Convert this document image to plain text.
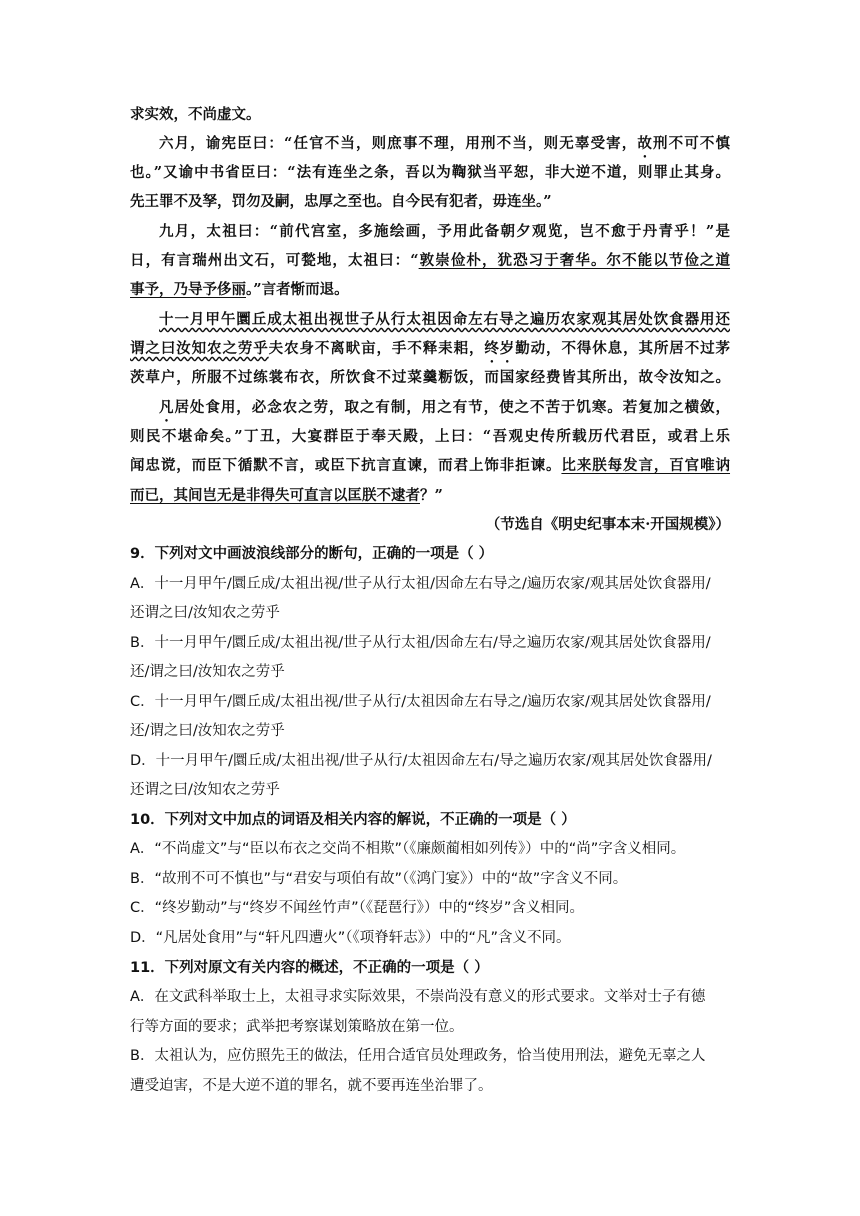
求实效，不尚虚文。
六月，谕宪臣曰：“任官不当，则庶事不理，用刑不当，则无辜受害，故刑不可不慎
也。”又谕中书省臣曰：“法有连坐之条，吾以为鞫狱当平恕，非大逆不道，则罪止其身。
先王罪不及孥，罚勿及嗣，忠厚之至也。自今民有犯者，毋连坐。”
九月，太祖曰：“前代宫室，多施绘画，予用此备朝夕观览，岂不愈于丹青乎！”是
日，有言瑞州出文石，可甃地，太祖曰：“敦崇俭朴，犹恐习于奢华。尔不能以节俭之道
事予，乃导予侈丽。”言者惭而退。
十一月甲午圜丘成太祖出视世子从行太祖因命左右导之遍历农家观其居处饮食器用还
谓之曰汝知农之劳乎夫农身不离畎亩，手不释耒耜，终岁勤动，不得休息，其所居不过茅
茨草户，所服不过练裳布衣，所饮食不过菜羹粝饭，而国家经费皆其所出，故令汝知之。
凡居处食用，必念农之劳，取之有制，用之有节，使之不苦于饥寒。若复加之横敛，
则民不堪命矣。”丁丑，大宴群臣于奉天殿，上曰：“吾观史传所载历代君臣，或君上乐
闻忠谠，而臣下循默不言，或臣下抗言直谏，而君上饰非拒谏。比来朕每发言，百官唯讷
而已，其间岂无是非得失可直言以匡朕不逮者？”
（节选自《明史纪事本末·开国规模》）
9．下列对文中画波浪线部分的断句，正确的一项是（ ）
A．十一月甲午/圜丘成/太祖出视/世子从行太祖/因命左右导之/遍历农家/观其居处饮食器用/
还谓之曰/汝知农之劳乎
B．十一月甲午/圜丘成/太祖出视/世子从行太祖/因命左右/导之遍历农家/观其居处饮食器用/
还/谓之曰/汝知农之劳乎
C．十一月甲午/圜丘成/太祖出视/世子从行/太祖因命左右导之/遍历农家/观其居处饮食器用/
还/谓之曰/汝知农之劳乎
D．十一月甲午/圜丘成/太祖出视/世子从行/太祖因命左右/导之遍历农家/观其居处饮食器用/
还谓之曰/汝知农之劳乎
10．下列对文中加点的词语及相关内容的解说，不正确的一项是（ ）
A．“不尚虚文”与“臣以布衣之交尚不相欺”（《廉颇蔺相如列传》）中的“尚”字含义相同。
B．“故刑不可不慎也”与“君安与项伯有故”（《鸿门宴》）中的“故”字含义不同。
C．“终岁勤动”与“终岁不闻丝竹声”（《琵琶行》）中的“终岁”含义相同。
D．“凡居处食用”与“轩凡四遭火”（《项脊轩志》）中的“凡”含义不同。
11．下列对原文有关内容的概述，不正确的一项是（ ）
A．在文武科举取士上，太祖寻求实际效果，不崇尚没有意义的形式要求。文举对士子有德
行等方面的要求；武举把考察谋划策略放在第一位。
B．太祖认为，应仿照先王的做法，任用合适官员处理政务，恰当使用刑法，避免无辜之人
遭受迫害，不是大逆不道的罪名，就不要再连坐治罪了。
